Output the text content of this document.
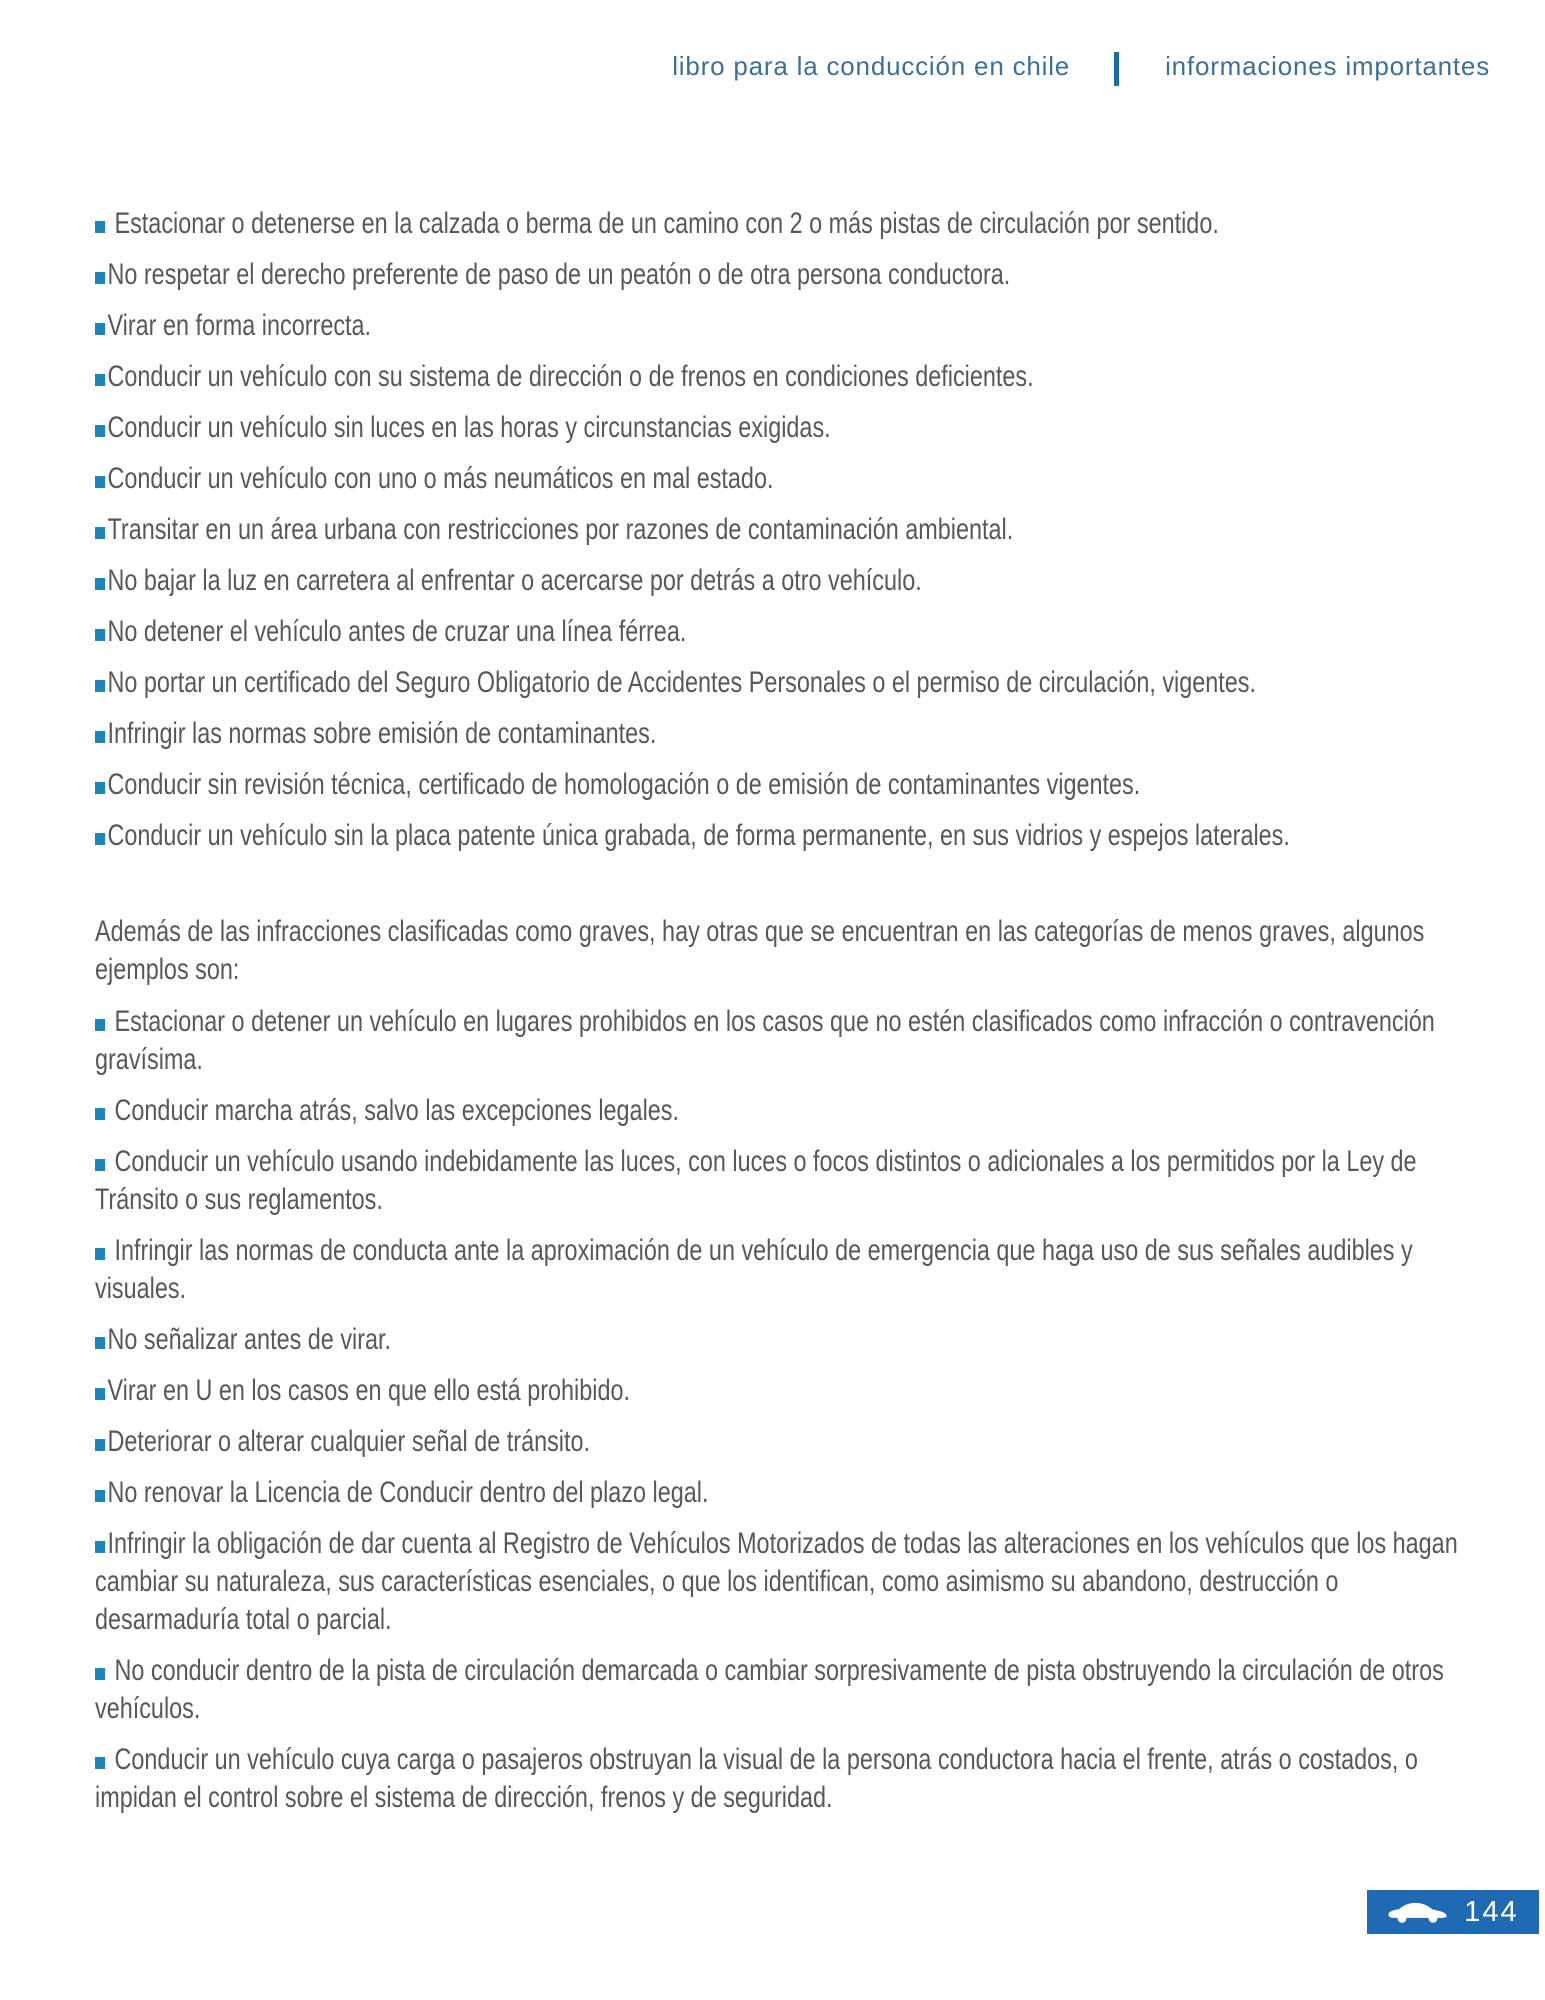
libro para la conducción en chile	informaciones importantes

Estacionar o detenerse en la calzada o berma de un camino con 2 o más pistas de circulación por sentido.

No respetar el derecho preferente de paso de un peatón o de otra persona conductora.

Virar en forma incorrecta.

Conducir un vehículo con su sistema de dirección o de frenos en condiciones deficientes.

Conducir un vehículo sin luces en las horas y circunstancias exigidas.

Conducir un vehículo con uno o más neumáticos en mal estado.

Transitar en un área urbana con restricciones por razones de contaminación ambiental.

No bajar la luz en carretera al enfrentar o acercarse por detrás a otro vehículo.

No detener el vehículo antes de cruzar una línea férrea.

No portar un certificado del Seguro Obligatorio de Accidentes Personales o el permiso de circulación, vigentes.

Infringir las normas sobre emisión de contaminantes.

Conducir sin revisión técnica, certificado de homologación o de emisión de contaminantes vigentes.

Conducir un vehículo sin la placa patente única grabada, de forma permanente, en sus vidrios y espejos laterales.

Además de las infracciones clasificadas como graves, hay otras que se encuentran en las categorías de menos graves, algunos ejemplos son:

Estacionar o detener un vehículo en lugares prohibidos en los casos que no estén clasificados como infracción o contravención gravísima.

Conducir marcha atrás, salvo las excepciones legales.

Conducir un vehículo usando indebidamente las luces, con luces o focos distintos o adicionales a los permitidos por la Ley de Tránsito o sus reglamentos.

Infringir las normas de conducta ante la aproximación de un vehículo de emergencia que haga uso de sus señales audibles y visuales.

No señalizar antes de virar.

Virar en U en los casos en que ello está prohibido.

Deteriorar o alterar cualquier señal de tránsito.

No renovar la Licencia de Conducir dentro del plazo legal.

Infringir la obligación de dar cuenta al Registro de Vehículos Motorizados de todas las alteraciones en los vehículos que los hagan cambiar su naturaleza, sus características esenciales, o que los identifican, como asimismo su abandono, destrucción o desarmaduría total o parcial.

No conducir dentro de la pista de circulación demarcada o cambiar sorpresivamente de pista obstruyendo la circulación de otros vehículos.

Conducir un vehículo cuya carga o pasajeros obstruyan la visual de la persona conductora hacia el frente, atrás o costados, o impidan el control sobre el sistema de dirección, frenos y de seguridad.

144
